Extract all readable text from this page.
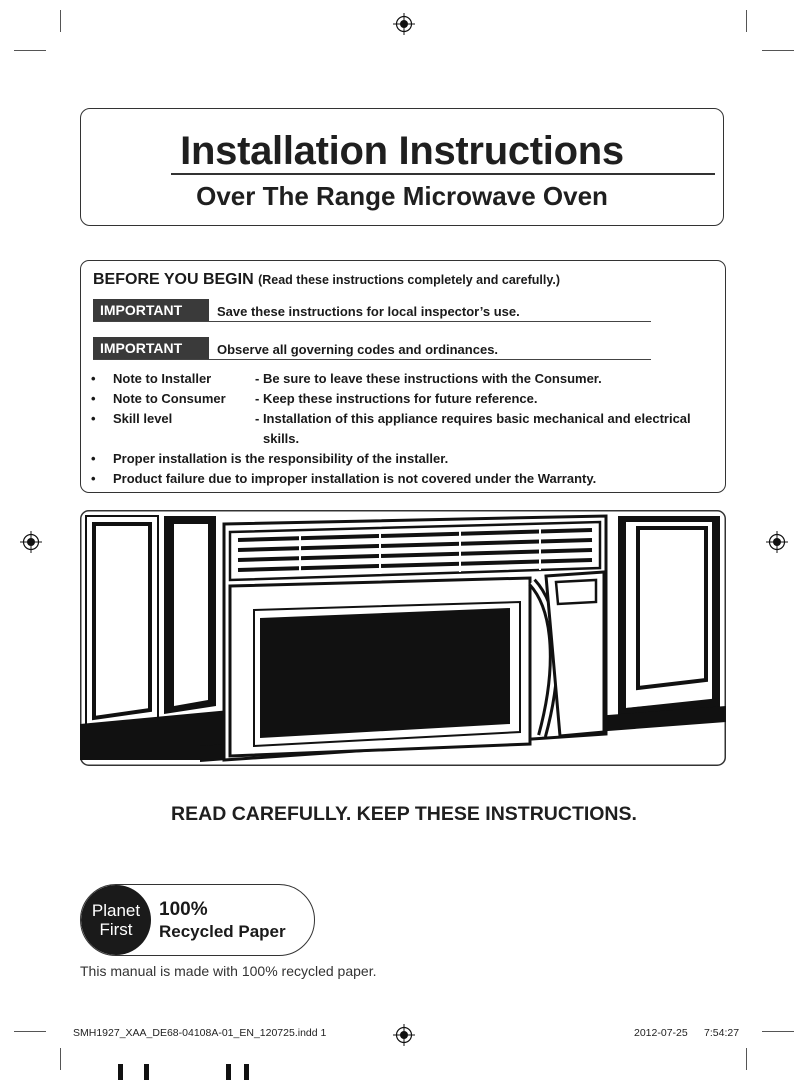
Installation Instructions
Over The Range Microwave Oven
BEFORE YOU BEGIN (Read these instructions completely and carefully.)
IMPORTANT	Save these instructions for local inspector’s use.
IMPORTANT	Observe all governing codes and ordinances.
• Note to Installer	- Be sure to leave these instructions with the Consumer.
• Note to Consumer - Keep these instructions for future reference.
• Skill level	- Installation of this appliance requires basic mechanical and electrical
skills.
•	Proper installation is the responsibility of the installer.
•	Product failure due to improper installation is not covered under the Warranty.
READ CAREFULLY. KEEP THESE INSTRUCTIONS.
Planet
First
100%
Recycled Paper
This manual is made with 100% recycled paper.
SMH1927_XAA_DE68-04108A-01_EN_120725.indd 1	2012-07-25   7:54:27
